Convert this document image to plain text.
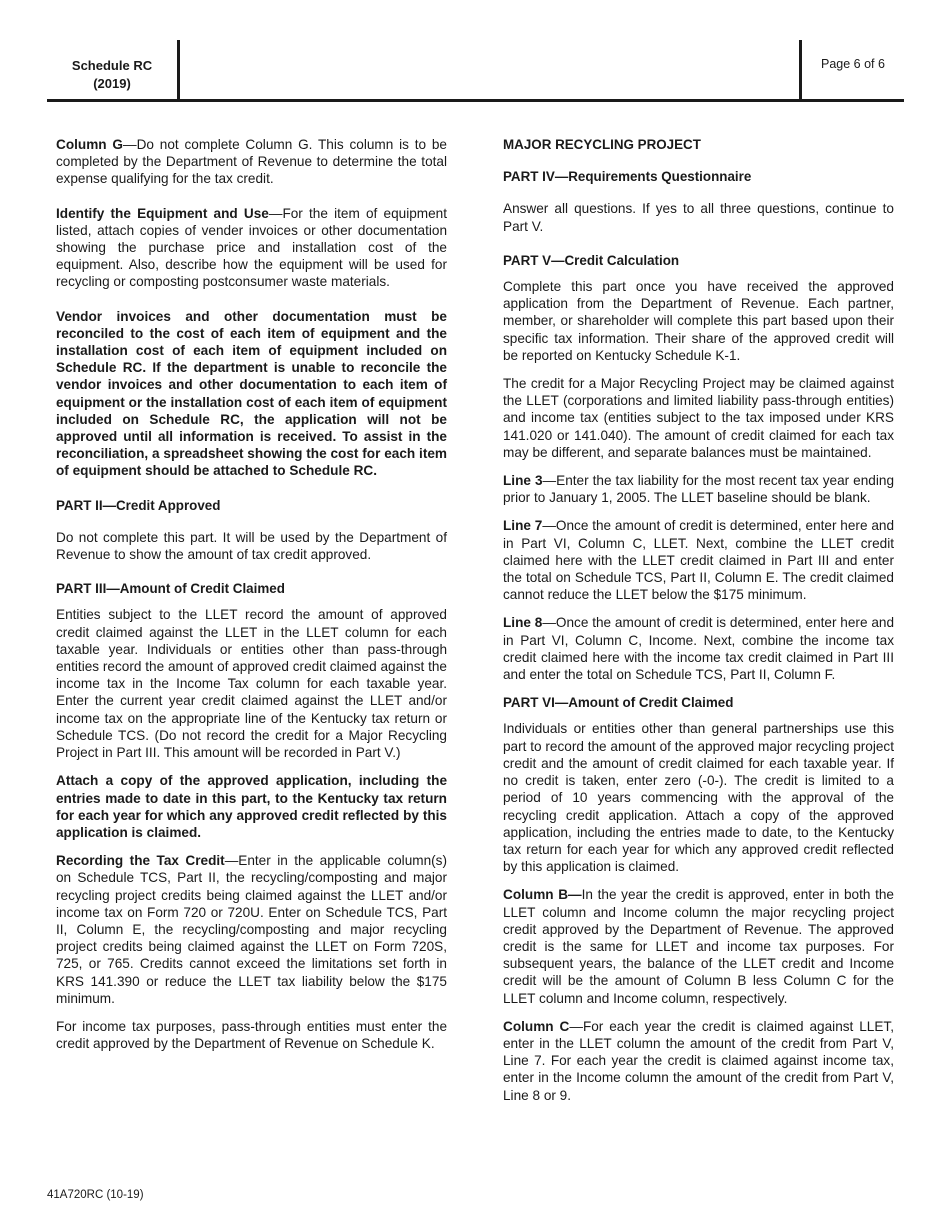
Schedule RC
(2019)
Page 6 of 6

Column G—Do not complete Column G. This column is to be completed by the Department of Revenue to determine the total expense qualifying for the tax credit.

Identify the Equipment and Use—For the item of equipment listed, attach copies of vender invoices or other documentation showing the purchase price and installation cost of the equipment. Also, describe how the equipment will be used for recycling or composting postconsumer waste materials.

Vendor invoices and other documentation must be reconciled to the cost of each item of equipment and the installation cost of each item of equipment included on Schedule RC. If the department is unable to reconcile the vendor invoices and other documentation to each item of equipment or the installation cost of each item of equipment included on Schedule RC, the application will not be approved until all information is received. To assist in the reconciliation, a spreadsheet showing the cost for each item of equipment should be attached to Schedule RC.

PART II—Credit Approved

Do not complete this part. It will be used by the Department of Revenue to show the amount of tax credit approved.

PART III—Amount of Credit Claimed

Entities subject to the LLET record the amount of approved credit claimed against the LLET in the LLET column for each taxable year. Individuals or entities other than pass-through entities record the amount of approved credit claimed against the income tax in the Income Tax column for each taxable year. Enter the current year credit claimed against the LLET and/or income tax on the appropriate line of the Kentucky tax return or Schedule TCS. (Do not record the credit for a Major Recycling Project in Part III. This amount will be recorded in Part V.)

Attach a copy of the approved application, including the entries made to date in this part, to the Kentucky tax return for each year for which any approved credit reflected by this application is claimed.

Recording the Tax Credit—Enter in the applicable column(s) on Schedule TCS, Part II, the recycling/composting and major recycling project credits being claimed against the LLET and/or income tax on Form 720 or 720U. Enter on Schedule TCS, Part II, Column E, the recycling/composting and major recycling project credits being claimed against the LLET on Form 720S, 725, or 765. Credits cannot exceed the limitations set forth in KRS 141.390 or reduce the LLET tax liability below the $175 minimum.

For income tax purposes, pass-through entities must enter the credit approved by the Department of Revenue on Schedule K.

MAJOR RECYCLING PROJECT
PART IV—Requirements Questionnaire

Answer all questions. If yes to all three questions, continue to Part V.

PART V—Credit Calculation

Complete this part once you have received the approved application from the Department of Revenue. Each partner, member, or shareholder will complete this part based upon their specific tax information. Their share of the approved credit will be reported on Kentucky Schedule K-1.

The credit for a Major Recycling Project may be claimed against the LLET (corporations and limited liability pass-through entities) and income tax (entities subject to the tax imposed under KRS 141.020 or 141.040). The amount of credit claimed for each tax may be different, and separate balances must be maintained.

Line 3—Enter the tax liability for the most recent tax year ending prior to January 1, 2005. The LLET baseline should be blank.

Line 7—Once the amount of credit is determined, enter here and in Part VI, Column C, LLET. Next, combine the LLET credit claimed here with the LLET credit claimed in Part III and enter the total on Schedule TCS, Part II, Column E. The credit claimed cannot reduce the LLET below the $175 minimum.

Line 8—Once the amount of credit is determined, enter here and in Part VI, Column C, Income. Next, combine the income tax credit claimed here with the income tax credit claimed in Part III and enter the total on Schedule TCS, Part II, Column F.

PART VI—Amount of Credit Claimed

Individuals or entities other than general partnerships use this part to record the amount of the approved major recycling project credit and the amount of credit claimed for each taxable year. If no credit is taken, enter zero (-0-). The credit is limited to a period of 10 years commencing with the approval of the recycling credit application. Attach a copy of the approved application, including the entries made to date, to the Kentucky tax return for each year for which any approved credit reflected by this application is claimed.

Column B—In the year the credit is approved, enter in both the LLET column and Income column the major recycling project credit approved by the Department of Revenue. The approved credit is the same for LLET and income tax purposes. For subsequent years, the balance of the LLET credit and Income credit will be the amount of Column B less Column C for the LLET column and Income column, respectively.

Column C—For each year the credit is claimed against LLET, enter in the LLET column the amount of the credit from Part V, Line 7. For each year the credit is claimed against income tax, enter in the Income column the amount of the credit from Part V, Line 8 or 9.

41A720RC (10-19)
